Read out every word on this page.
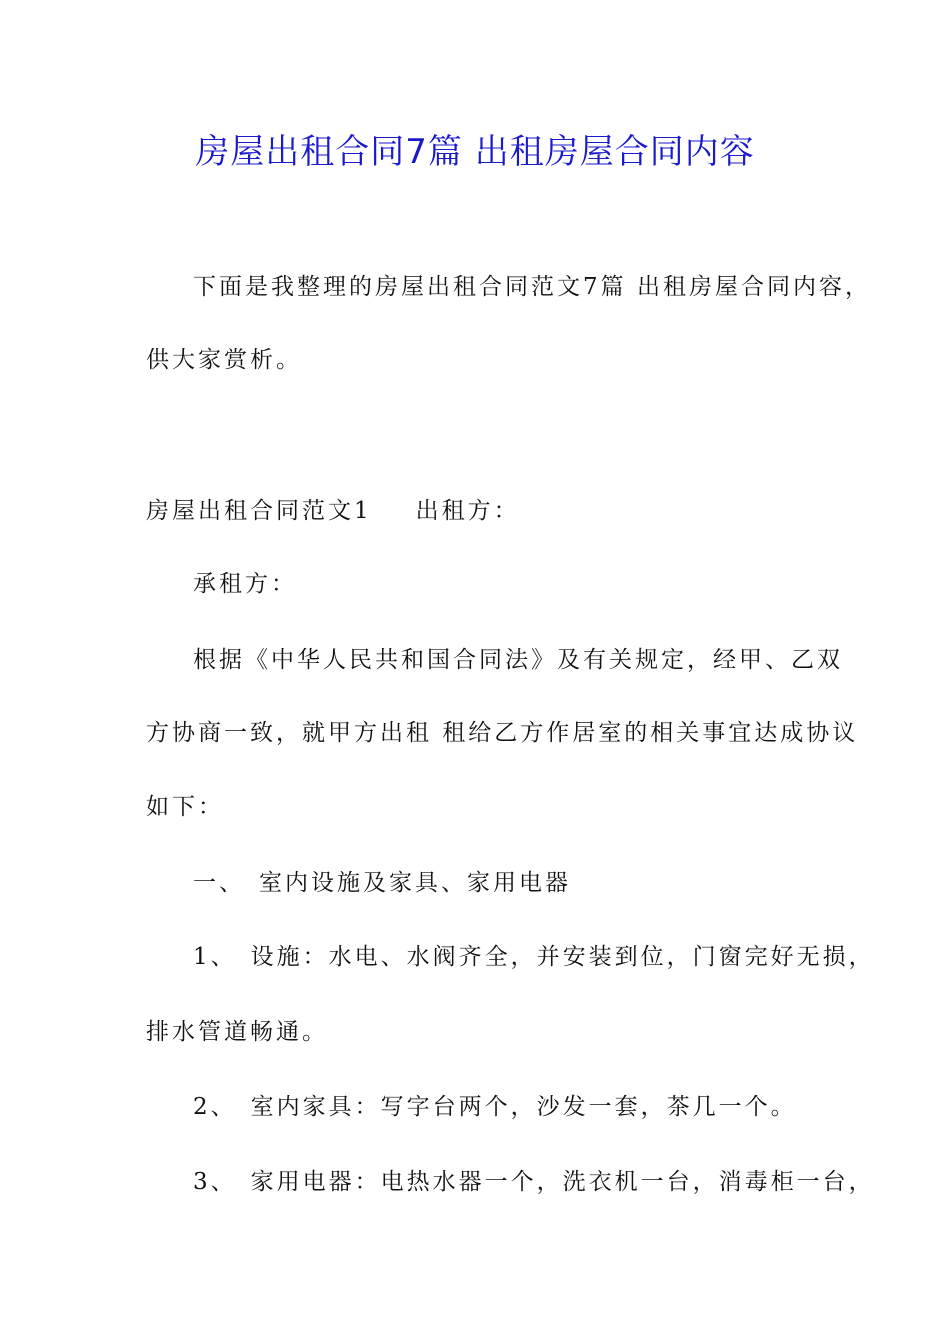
房屋出租合同7篇 出租房屋合同内容
下面是我整理的房屋出租合同范文7篇 出租房屋合同内容，
供大家赏析。
房屋出租合同范文1 出租方：
承租方：
根据《中华人民共和国合同法》及有关规定，经甲、乙双
方协商一致，就甲方出租 租给乙方作居室的相关事宜达成协议
如下：
一、 室内设施及家具、家用电器
1、 设施：水电、水阀齐全，并安装到位，门窗完好无损，
排水管道畅通。
2、 室内家具：写字台两个，沙发一套，茶几一个。
3、 家用电器：电热水器一个，洗衣机一台，消毒柜一台，
